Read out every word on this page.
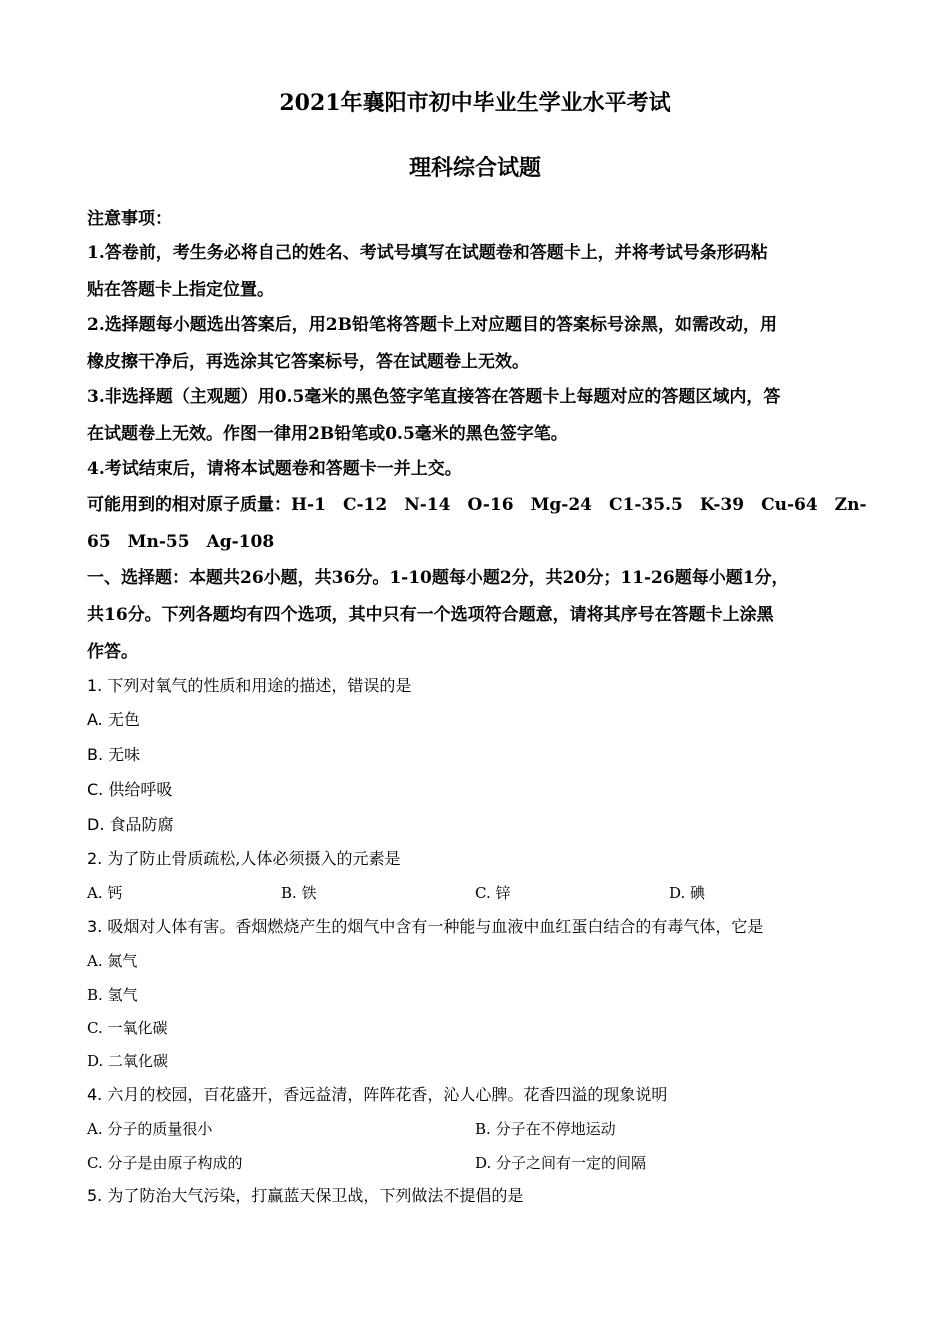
2021年襄阳市初中毕业生学业水平考试
理科综合试题
注意事项：
1.答卷前，考生务必将自己的姓名、考试号填写在试题卷和答题卡上，并将考试号条形码粘
贴在答题卡上指定位置。
2.选择题每小题选出答案后，用2B铅笔将答题卡上对应题目的答案标号涂黑，如需改动，用
橡皮擦干净后，再选涂其它答案标号，答在试题卷上无效。
3.非选择题（主观题）用0.5毫米的黑色签字笔直接答在答题卡上每题对应的答题区域内，答
在试题卷上无效。作图一律用2B铅笔或0.5毫米的黑色签字笔。
4.考试结束后，请将本试题卷和答题卡一并上交。
可能用到的相对原子质量：H-1　C-12　N-14　O-16　Mg-24　C1-35.5　K-39　Cu-64　Zn-
65　Mn-55　Ag-108
一、选择题：本题共26小题，共36分。1-10题每小题2分，共20分；11-26题每小题1分，
共16分。下列各题均有四个选项，其中只有一个选项符合题意，请将其序号在答题卡上涂黑
作答。
1. 下列对氧气的性质和用途的描述，错误的是
A. 无色
B. 无味
C. 供给呼吸
D. 食品防腐
2. 为了防止骨质疏松,人体必须摄入的元素是
A. 钙	B. 铁	C. 锌	D. 碘
3. 吸烟对人体有害。香烟燃烧产生的烟气中含有一种能与血液中血红蛋白结合的有毒气体，它是
A. 氮气
B. 氢气
C. 一氧化碳
D. 二氧化碳
4. 六月的校园，百花盛开，香远益清，阵阵花香，沁人心脾。花香四溢的现象说明
A. 分子的质量很小	B. 分子在不停地运动
C. 分子是由原子构成的	D. 分子之间有一定的间隔
5. 为了防治大气污染，打赢蓝天保卫战，下列做法不提倡的是
